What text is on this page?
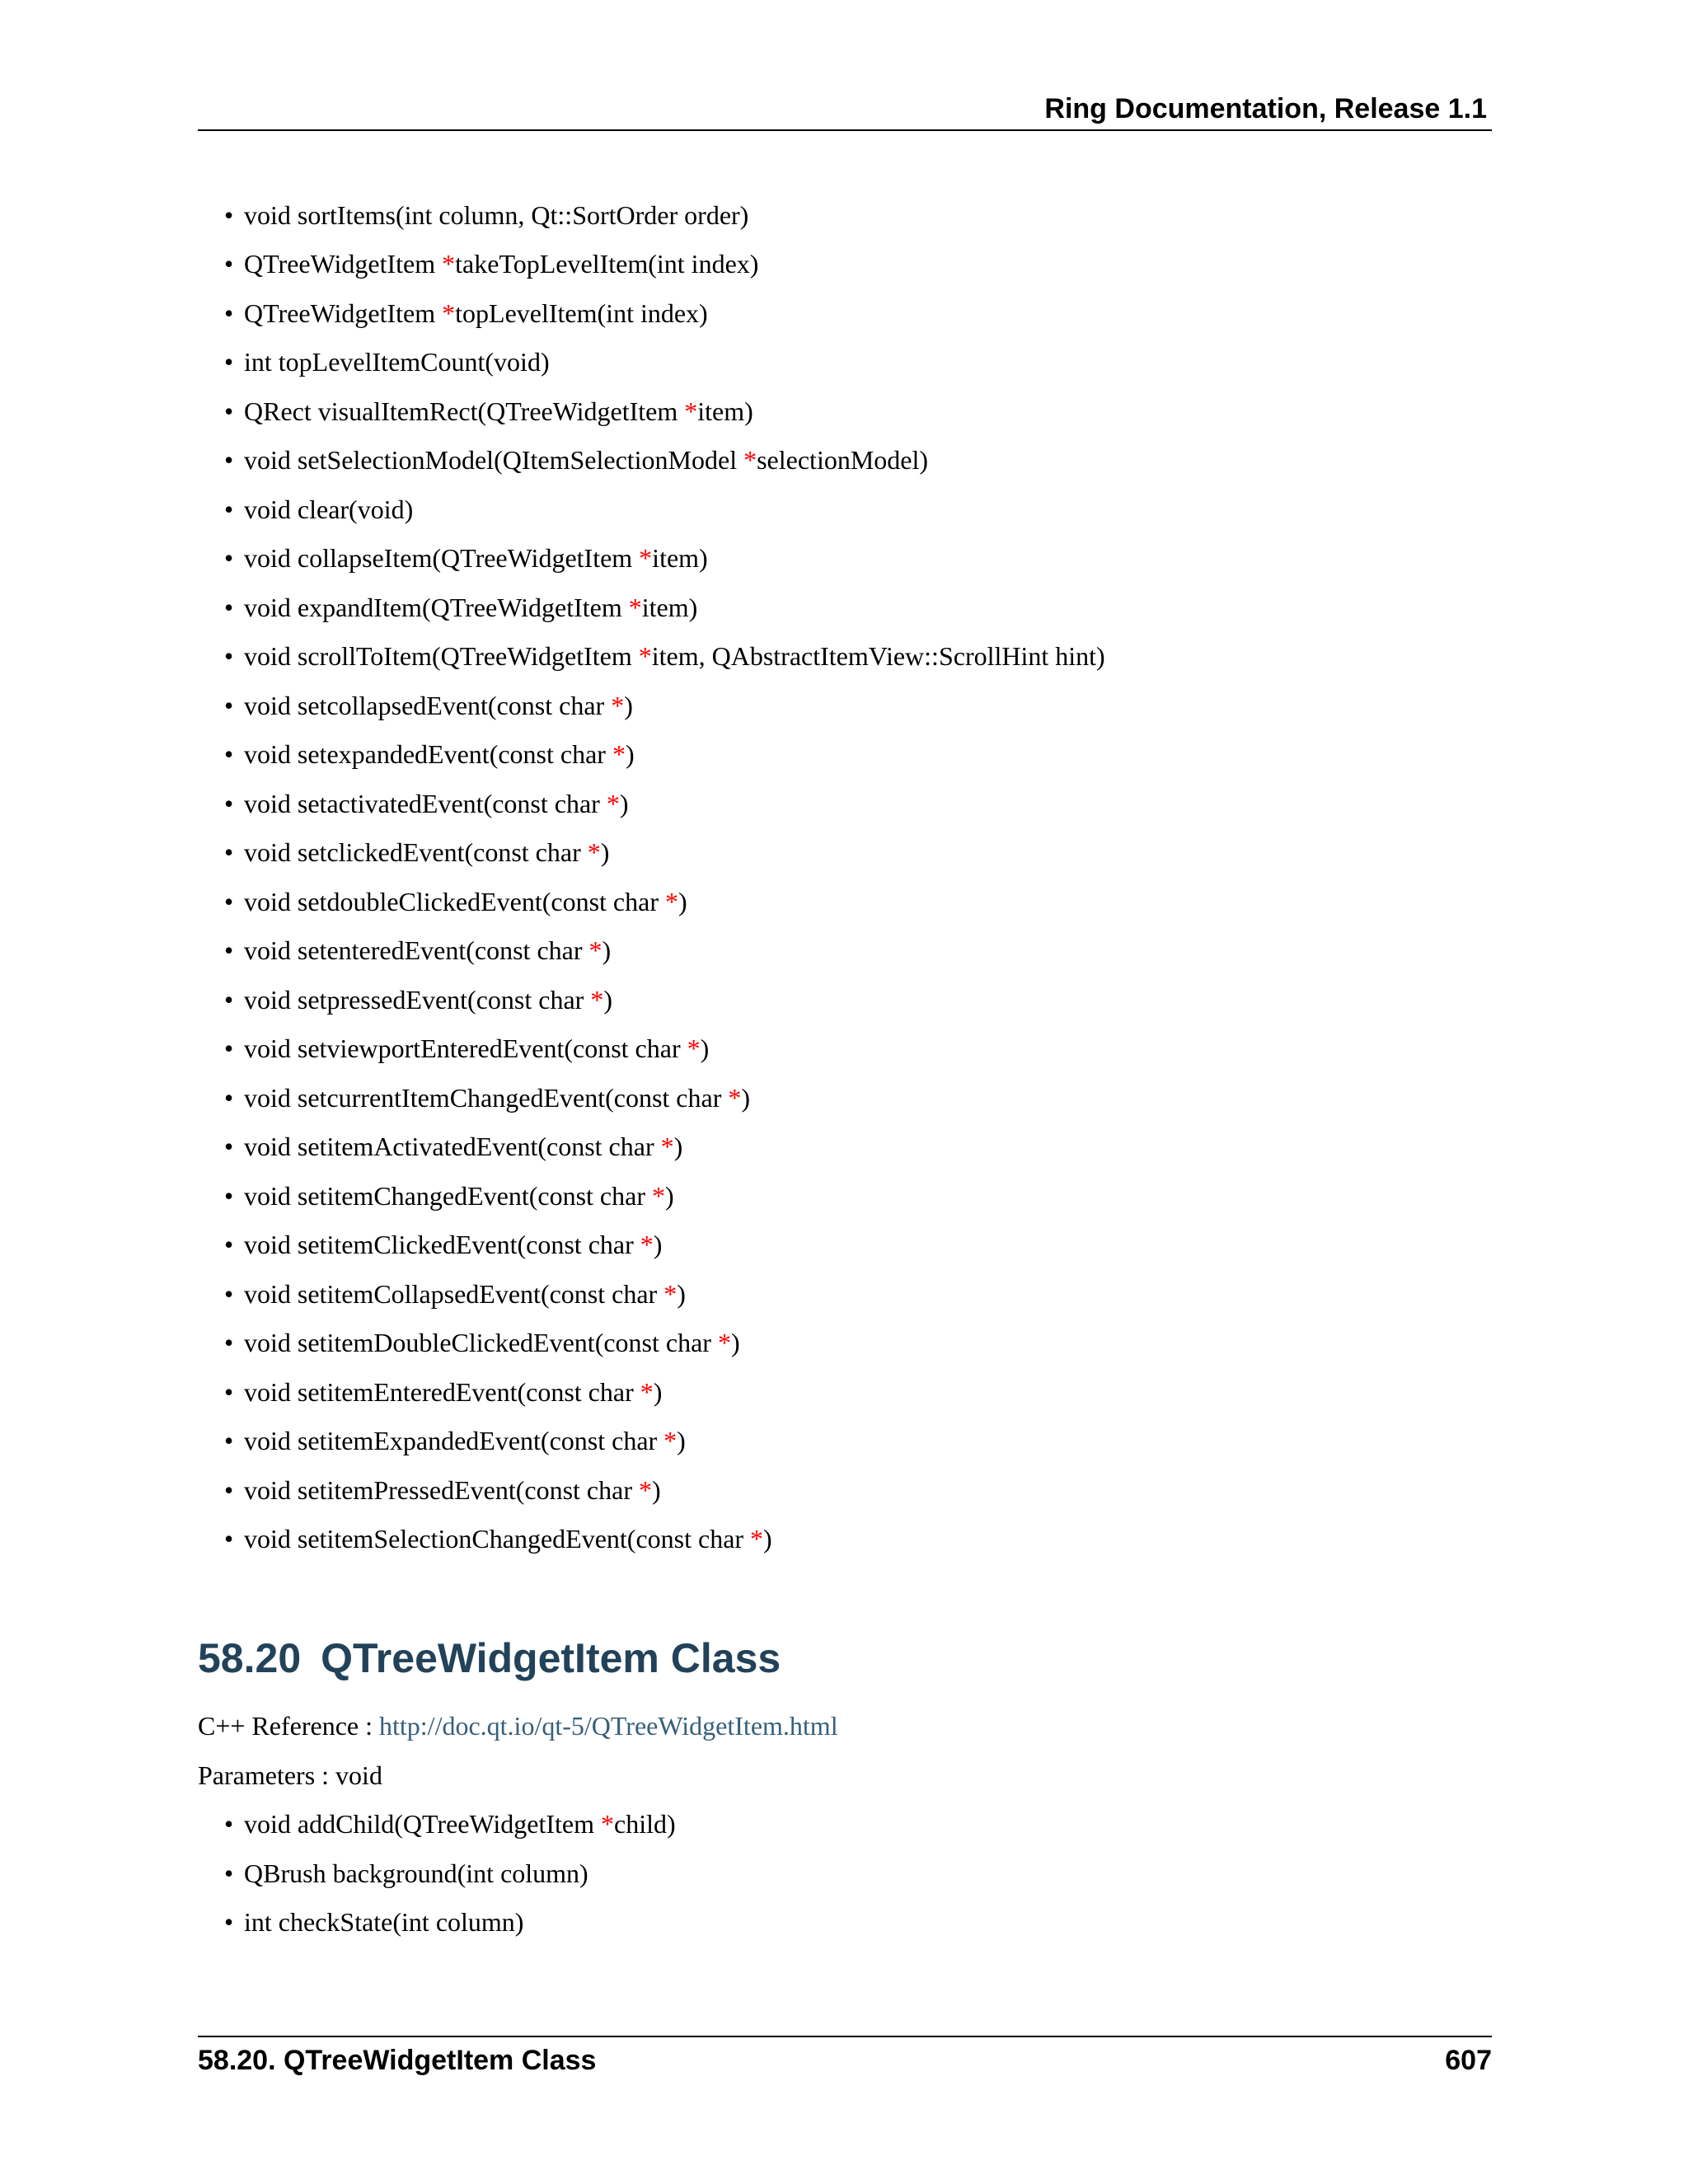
Ring Documentation, Release 1.1
• void sortItems(int column, Qt::SortOrder order)
• QTreeWidgetItem *takeTopLevelItem(int index)
• QTreeWidgetItem *topLevelItem(int index)
• int topLevelItemCount(void)
• QRect visualItemRect(QTreeWidgetItem *item)
• void setSelectionModel(QItemSelectionModel *selectionModel)
• void clear(void)
• void collapseItem(QTreeWidgetItem *item)
• void expandItem(QTreeWidgetItem *item)
• void scrollToItem(QTreeWidgetItem *item, QAbstractItemView::ScrollHint hint)
• void setcollapsedEvent(const char *)
• void setexpandedEvent(const char *)
• void setactivatedEvent(const char *)
• void setclickedEvent(const char *)
• void setdoubleClickedEvent(const char *)
• void setenteredEvent(const char *)
• void setpressedEvent(const char *)
• void setviewportEnteredEvent(const char *)
• void setcurrentItemChangedEvent(const char *)
• void setitemActivatedEvent(const char *)
• void setitemChangedEvent(const char *)
• void setitemClickedEvent(const char *)
• void setitemCollapsedEvent(const char *)
• void setitemDoubleClickedEvent(const char *)
• void setitemEnteredEvent(const char *)
• void setitemExpandedEvent(const char *)
• void setitemPressedEvent(const char *)
• void setitemSelectionChangedEvent(const char *)
58.20 QTreeWidgetItem Class
C++ Reference : http://doc.qt.io/qt-5/QTreeWidgetItem.html
Parameters : void
• void addChild(QTreeWidgetItem *child)
• QBrush background(int column)
• int checkState(int column)
58.20. QTreeWidgetItem Class	607
